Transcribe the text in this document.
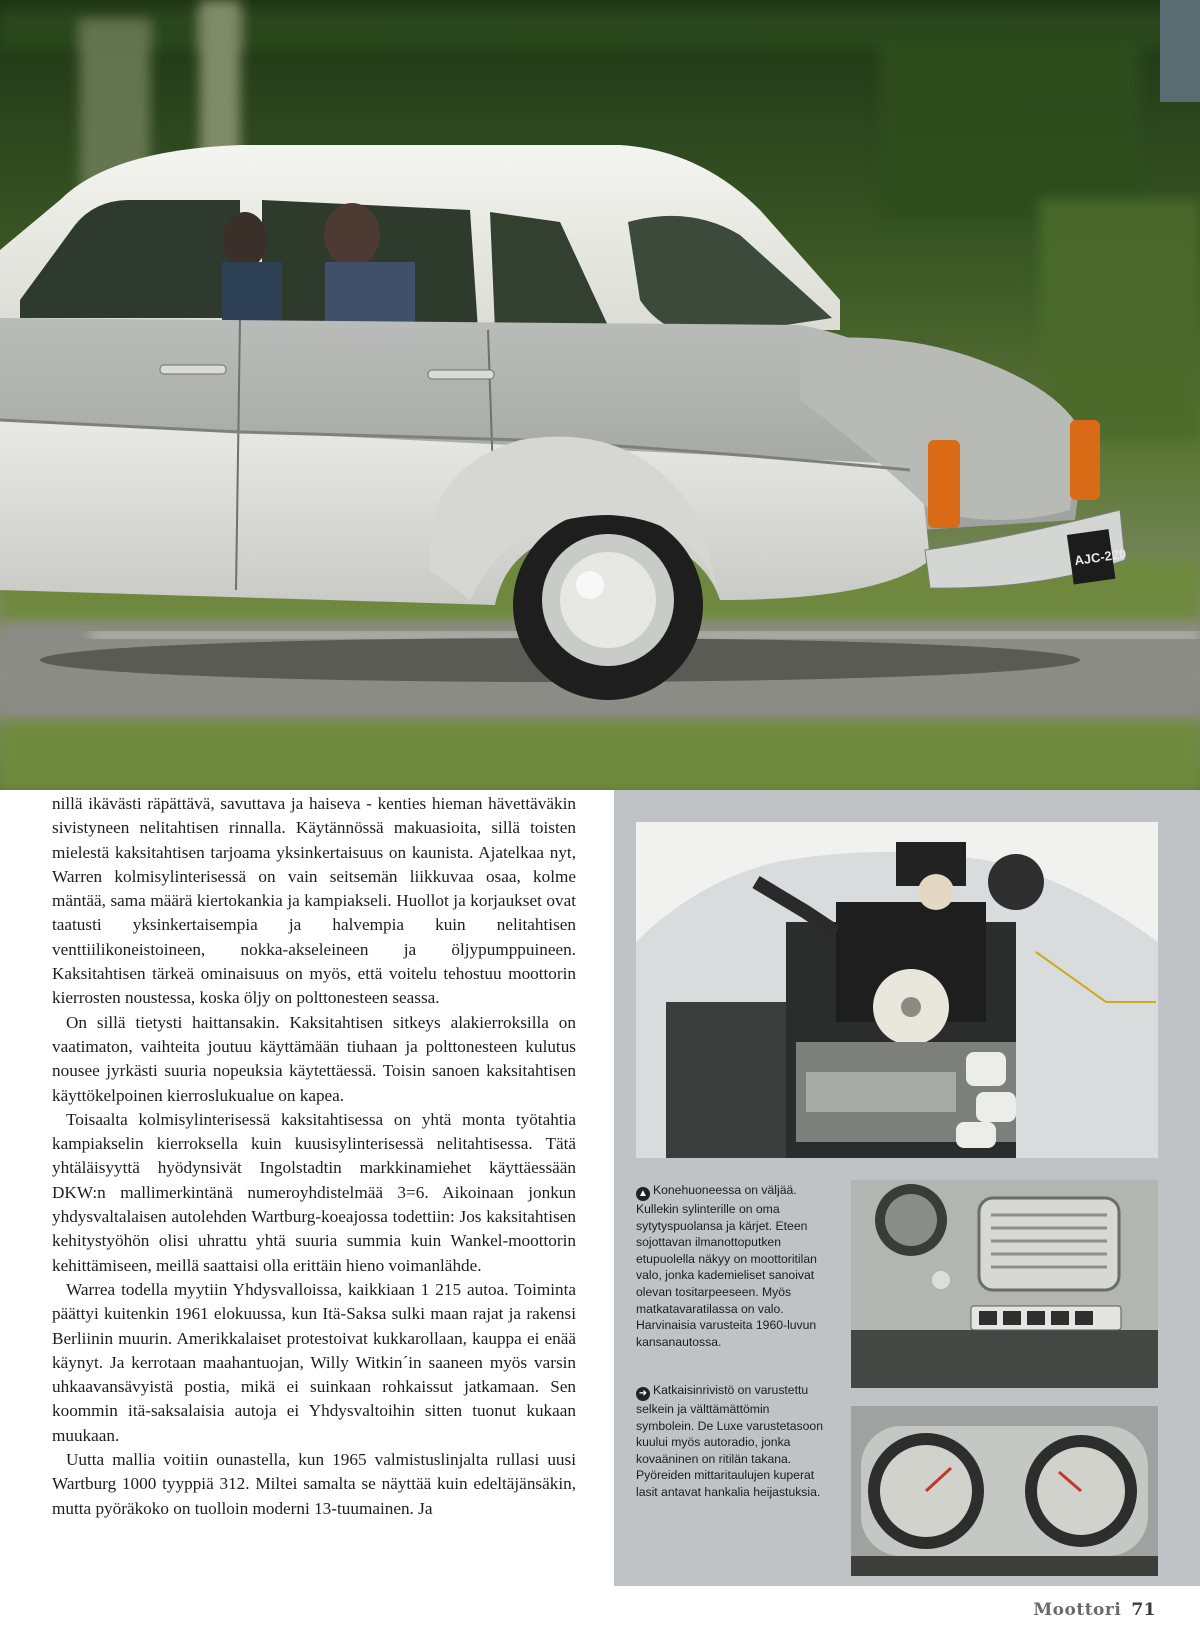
AJC-220

nillä ikävästi räpättävä, savuttava ja haiseva - kenties hieman hävettäväkin sivistyneen nelitahtisen rinnalla. Käytännössä makuasioita, sillä toisten mielestä kaksitahtisen tarjoama yksinkertaisuus on kaunista. Ajatelkaa nyt, Warren kolmisylinterisessä on vain seitsemän liikkuvaa osaa, kolme mäntää, sama määrä kiertokankia ja kampiakseli. Huollot ja korjaukset ovat taatusti yksinkertaisempia ja halvempia kuin nelitahtisen venttiilikoneistoineen, nokka-akseleineen ja öljypumppuineen. Kaksitahtisen tärkeä ominaisuus on myös, että voitelu tehostuu moottorin kierrosten noustessa, koska öljy on polttonesteen seassa.

On sillä tietysti haittansakin. Kaksitahtisen sitkeys alakierroksilla on vaatimaton, vaihteita joutuu käyttämään tiuhaan ja polttonesteen kulutus nousee jyrkästi suuria nopeuksia käytettäessä. Toisin sanoen kaksitahtisen käyttökelpoinen kierroslukualue on kapea.

Toisaalta kolmisylinterisessä kaksitahtisessa on yhtä monta työtahtia kampiakselin kierroksella kuin kuusisylinterisessä nelitahtisessa. Tätä yhtäläisyyttä hyödynsivät Ingolstadtin markkinamiehet käyttäessään DKW:n mallimerkintänä numeroyhdistelmää 3=6. Aikoinaan jonkun yhdysvaltalaisen autolehden Wartburg-koeajossa todettiin: Jos kaksitahtisen kehitystyöhön olisi uhrattu yhtä suuria summia kuin Wankel-moottorin kehittämiseen, meillä saattaisi olla erittäin hieno voimanlähde.

Warrea todella myytiin Yhdysvalloissa, kaikkiaan 1 215 autoa. Toiminta päättyi kuitenkin 1961 elokuussa, kun Itä-Saksa sulki maan rajat ja rakensi Berliinin muurin. Amerikkalaiset protestoivat kukkarollaan, kauppa ei enää käynyt. Ja kerrotaan maahantuojan, Willy Witkin´in saaneen myös varsin uhkaavansävyistä postia, mikä ei suinkaan rohkaissut jatkamaan. Sen koommin itä-saksalaisia autoja ei Yhdysvaltoihin sitten tuonut kukaan muukaan.

Uutta mallia voitiin ounastella, kun 1965 valmistuslinjalta rullasi uusi Wartburg 1000 tyyppiä 312. Miltei samalta se näyttää kuin edeltäjänsäkin, mutta pyöräkoko on tuolloin moderni 13-tuumainen. Ja

▲ Konehuoneessa on väljää. Kullekin sylinterille on oma sytytyspuolansa ja kärjet. Eteen sojottavan ilmanottoputken etupuolella näkyy on moottoritilan valo, jonka kademieliset sanoivat olevan tositarpeeseen. Myös matkatavaratilassa on valo. Harvinaisia varusteita 1960-luvun kansanautossa.
➜ Katkaisinrivistö on varustettu selkein ja välttämättömin symbolein. De Luxe varustetasoon kuului myös autoradio, jonka kovaäninen on ritilän takana. Pyöreiden mittaritaulujen kuperat lasit antavat hankalia heijastuksia.
Moottori 71
